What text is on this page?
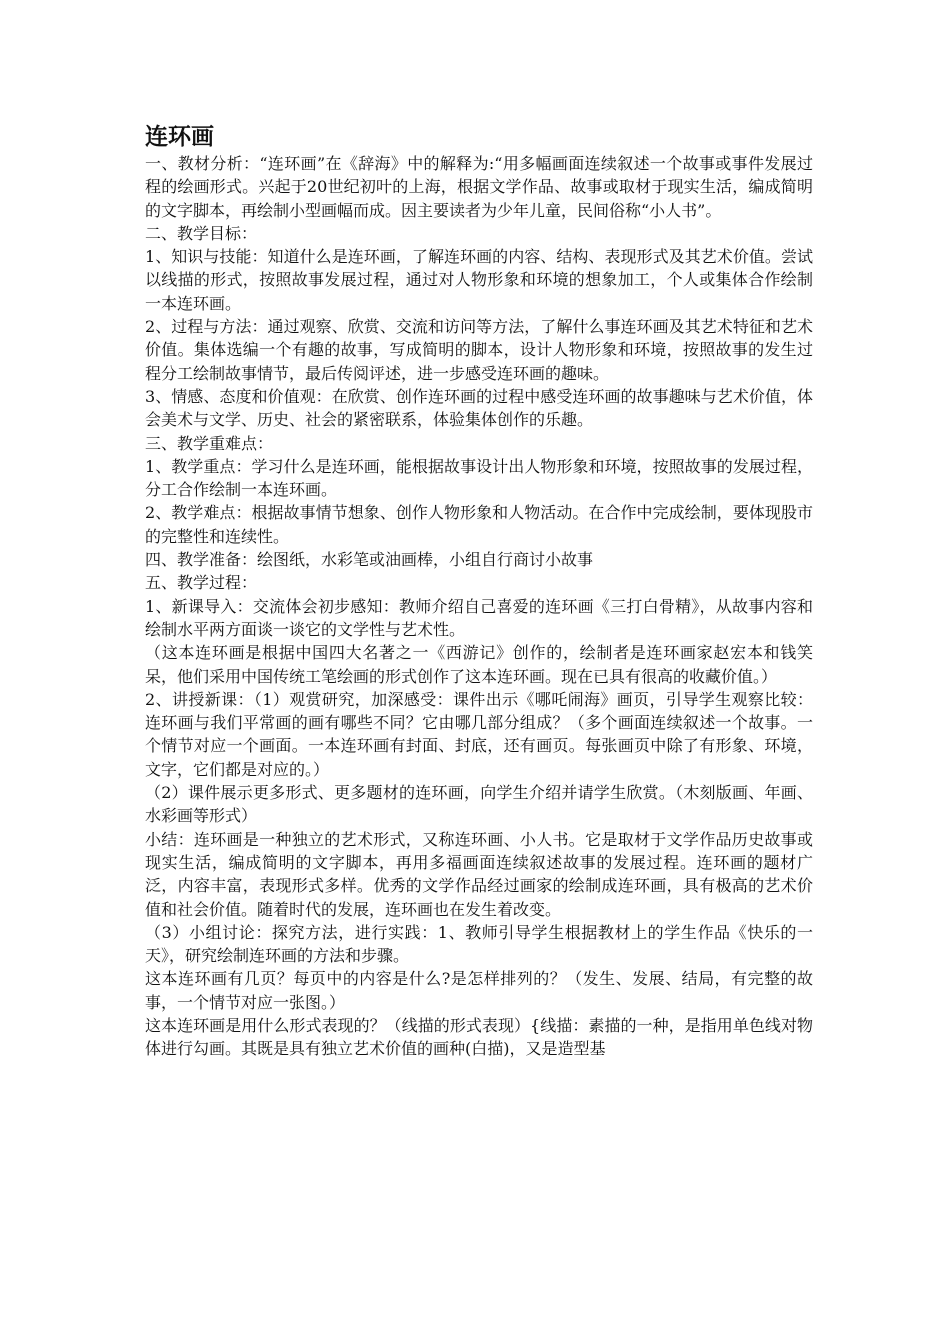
连环画

一、教材分析：“连环画”在《辞海》中的解释为:“用多幅画面连续叙述一个故事或事件发展过程的绘画形式。兴起于20世纪初叶的上海，根据文学作品、故事或取材于现实生活，编成简明的文字脚本，再绘制小型画幅而成。因主要读者为少年儿童，民间俗称“小人书”。

二、教学目标：

1、知识与技能：知道什么是连环画，了解连环画的内容、结构、表现形式及其艺术价值。尝试以线描的形式，按照故事发展过程，通过对人物形象和环境的想象加工，个人或集体合作绘制一本连环画。

2、过程与方法：通过观察、欣赏、交流和访问等方法，了解什么事连环画及其艺术特征和艺术价值。集体选编一个有趣的故事，写成简明的脚本，设计人物形象和环境，按照故事的发生过程分工绘制故事情节，最后传阅评述，进一步感受连环画的趣味。

3、情感、态度和价值观：在欣赏、创作连环画的过程中感受连环画的故事趣味与艺术价值，体会美术与文学、历史、社会的紧密联系，体验集体创作的乐趣。

三、教学重难点：

1、教学重点：学习什么是连环画，能根据故事设计出人物形象和环境，按照故事的发展过程，分工合作绘制一本连环画。

2、教学难点：根据故事情节想象、创作人物形象和人物活动。在合作中完成绘制，要体现股市的完整性和连续性。

四、教学准备：绘图纸，水彩笔或油画棒，小组自行商讨小故事

五、教学过程：

1、新课导入：交流体会初步感知：教师介绍自己喜爱的连环画《三打白骨精》，从故事内容和绘制水平两方面谈一谈它的文学性与艺术性。

（这本连环画是根据中国四大名著之一《西游记》创作的，绘制者是连环画家赵宏本和钱笑呆，他们采用中国传统工笔绘画的形式创作了这本连环画。现在已具有很高的收藏价值。）

2、讲授新课：（1）观赏研究，加深感受：课件出示《哪吒闹海》画页，引导学生观察比较：连环画与我们平常画的画有哪些不同？它由哪几部分组成？（多个画面连续叙述一个故事。一个情节对应一个画面。一本连环画有封面、封底，还有画页。每张画页中除了有形象、环境，文字，它们都是对应的。）

（2）课件展示更多形式、更多题材的连环画，向学生介绍并请学生欣赏。（木刻版画、年画、水彩画等形式）

小结：连环画是一种独立的艺术形式，又称连环画、小人书。它是取材于文学作品历史故事或现实生活，编成简明的文字脚本，再用多福画面连续叙述故事的发展过程。连环画的题材广泛，内容丰富，表现形式多样。优秀的文学作品经过画家的绘制成连环画，具有极高的艺术价值和社会价值。随着时代的发展，连环画也在发生着改变。

（3）小组讨论：探究方法，进行实践：1、教师引导学生根据教材上的学生作品《快乐的一天》，研究绘制连环画的方法和步骤。

这本连环画有几页？每页中的内容是什么?是怎样排列的？（发生、发展、结局，有完整的故事，一个情节对应一张图。）

这本连环画是用什么形式表现的？（线描的形式表现）{线描：素描的一种，是指用单色线对物体进行勾画。其既是具有独立艺术价值的画种(白描)，又是造型基
